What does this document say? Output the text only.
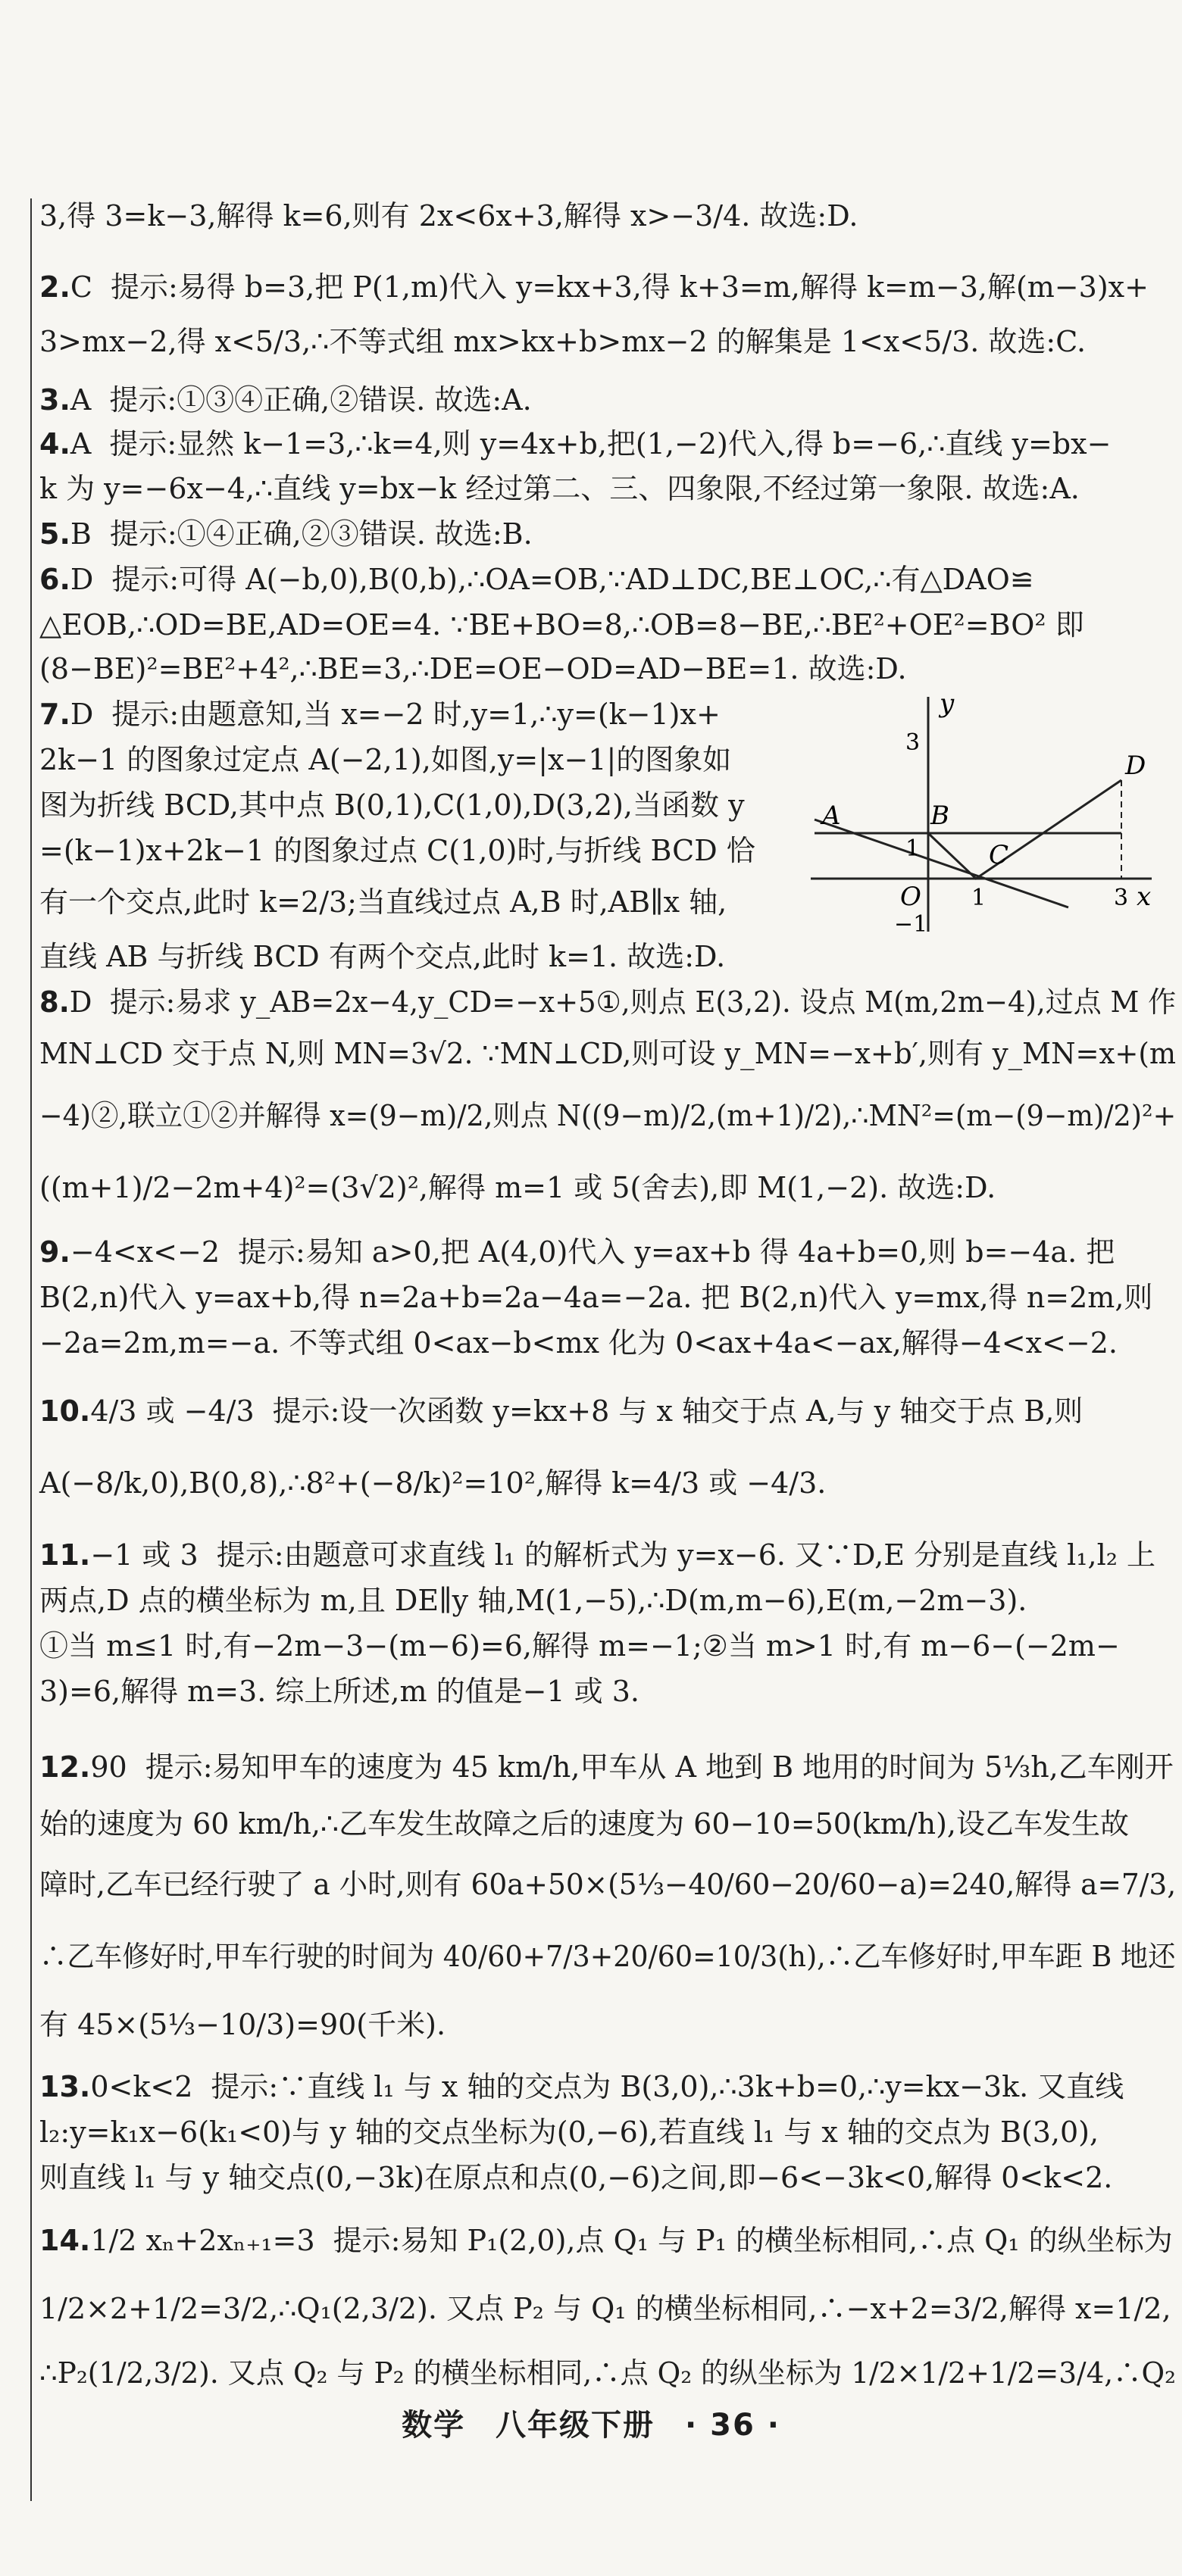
3,得 3=k−3,解得 k=6,则有 2x<6x+3,解得 x>−3/4. 故选:D.
2.C 提示:易得 b=3,把 P(1,m)代入 y=kx+3,得 k+3=m,解得 k=m−3,解(m−3)x+
3>mx−2,得 x<5/3,∴不等式组 mx>kx+b>mx−2 的解集是 1<x<5/3. 故选:C.
3.A 提示:①③④正确,②错误. 故选:A.
4.A 提示:显然 k−1=3,∴k=4,则 y=4x+b,把(1,−2)代入,得 b=−6,∴直线 y=bx−
k 为 y=−6x−4,∴直线 y=bx−k 经过第二、三、四象限,不经过第一象限. 故选:A.
5.B 提示:①④正确,②③错误. 故选:B.
6.D 提示:可得 A(−b,0),B(0,b),∴OA=OB,∵AD⊥DC,BE⊥OC,∴有△DAO≌
△EOB,∴OD=BE,AD=OE=4. ∵BE+BO=8,∴OB=8−BE,∴BE²+OE²=BO² 即
(8−BE)²=BE²+4²,∴BE=3,∴DE=OE−OD=AD−BE=1. 故选:D.
7.D 提示:由题意知,当 x=−2 时,y=1,∴y=(k−1)x+
2k−1 的图象过定点 A(−2,1),如图,y=|x−1|的图象如
图为折线 BCD,其中点 B(0,1),C(1,0),D(3,2),当函数 y
=(k−1)x+2k−1 的图象过点 C(1,0)时,与折线 BCD 恰
有一个交点,此时 k=2/3;当直线过点 A,B 时,AB∥x 轴,
直线 AB 与折线 BCD 有两个交点,此时 k=1. 故选:D.
8.D 提示:易求 y_AB=2x−4,y_CD=−x+5①,则点 E(3,2). 设点 M(m,2m−4),过点 M 作
MN⊥CD 交于点 N,则 MN=3√2. ∵MN⊥CD,则可设 y_MN=−x+b′,则有 y_MN=x+(m
−4)②,联立①②并解得 x=(9−m)/2,则点 N((9−m)/2,(m+1)/2),∴MN²=(m−(9−m)/2)²+
((m+1)/2−2m+4)²=(3√2)²,解得 m=1 或 5(舍去),即 M(1,−2). 故选:D.
9.−4<x<−2 提示:易知 a>0,把 A(4,0)代入 y=ax+b 得 4a+b=0,则 b=−4a. 把
B(2,n)代入 y=ax+b,得 n=2a+b=2a−4a=−2a. 把 B(2,n)代入 y=mx,得 n=2m,则
−2a=2m,m=−a. 不等式组 0<ax−b<mx 化为 0<ax+4a<−ax,解得−4<x<−2.
10.4/3 或 −4/3 提示:设一次函数 y=kx+8 与 x 轴交于点 A,与 y 轴交于点 B,则
A(−8/k,0),B(0,8),∴8²+(−8/k)²=10²,解得 k=4/3 或 −4/3.
11.−1 或 3 提示:由题意可求直线 l₁ 的解析式为 y=x−6. 又∵D,E 分别是直线 l₁,l₂ 上
两点,D 点的横坐标为 m,且 DE∥y 轴,M(1,−5),∴D(m,m−6),E(m,−2m−3).
①当 m≤1 时,有−2m−3−(m−6)=6,解得 m=−1;②当 m>1 时,有 m−6−(−2m−
3)=6,解得 m=3. 综上所述,m 的值是−1 或 3.
12.90 提示:易知甲车的速度为 45 km/h,甲车从 A 地到 B 地用的时间为 5⅓h,乙车刚开
始的速度为 60 km/h,∴乙车发生故障之后的速度为 60−10=50(km/h),设乙车发生故
障时,乙车已经行驶了 a 小时,则有 60a+50×(5⅓−40/60−20/60−a)=240,解得 a=7/3,
∴乙车修好时,甲车行驶的时间为 40/60+7/3+20/60=10/3(h),∴乙车修好时,甲车距 B 地还
有 45×(5⅓−10/3)=90(千米).
13.0<k<2 提示:∵直线 l₁ 与 x 轴的交点为 B(3,0),∴3k+b=0,∴y=kx−3k. 又直线
l₂:y=k₁x−6(k₁<0)与 y 轴的交点坐标为(0,−6),若直线 l₁ 与 x 轴的交点为 B(3,0),
则直线 l₁ 与 y 轴交点(0,−3k)在原点和点(0,−6)之间,即−6<−3k<0,解得 0<k<2.
14.1/2 xₙ+2xₙ₊₁=3 提示:易知 P₁(2,0),点 Q₁ 与 P₁ 的横坐标相同,∴点 Q₁ 的纵坐标为
1/2×2+1/2=3/2,∴Q₁(2,3/2). 又点 P₂ 与 Q₁ 的横坐标相同,∴−x+2=3/2,解得 x=1/2,
∴P₂(1/2,3/2). 又点 Q₂ 与 P₂ 的横坐标相同,∴点 Q₂ 的纵坐标为 1/2×1/2+1/2=3/4,∴Q₂
y
3
A	B
D
1	C
O 1	3 x
−1
数学 八年级下册 · 36 ·
